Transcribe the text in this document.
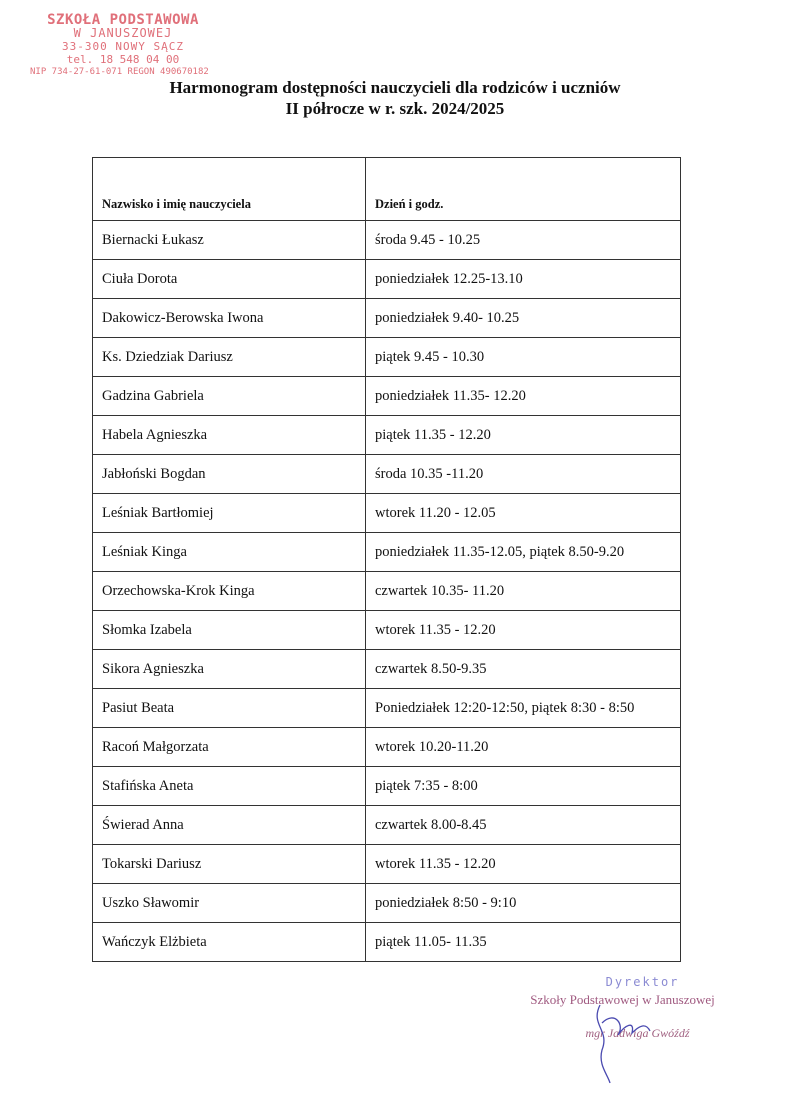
SZKOŁA PODSTAWOWA
W JANUSZOWEJ
33-300 NOWY SĄCZ
tel. 18 548 04 00
NIP 734-27-61-071 REGON 490670182
Harmonogram dostępności nauczycieli dla rodziców i uczniów
II półrocze w r. szk. 2024/2025
Nazwisko i imię nauczyciela	Dzień i godz.
Biernacki Łukasz	środa 9.45 - 10.25
Ciuła Dorota	poniedziałek 12.25-13.10
Dakowicz-Berowska Iwona	poniedziałek 9.40- 10.25
Ks. Dziedziak Dariusz	piątek 9.45 - 10.30
Gadzina Gabriela	poniedziałek 11.35- 12.20
Habela Agnieszka	piątek 11.35 - 12.20
Jabłoński Bogdan	środa 10.35 -11.20
Leśniak Bartłomiej	wtorek 11.20 - 12.05
Leśniak Kinga	poniedziałek 11.35-12.05, piątek 8.50-9.20
Orzechowska-Krok Kinga	czwartek 10.35- 11.20
Słomka Izabela	wtorek 11.35 - 12.20
Sikora Agnieszka	czwartek 8.50-9.35
Pasiut Beata	Poniedziałek 12:20-12:50, piątek 8:30 - 8:50
Racoń Małgorzata	wtorek 10.20-11.20
Stafińska Aneta	piątek 7:35 - 8:00
Świerad Anna	czwartek 8.00-8.45
Tokarski Dariusz	wtorek 11.35 - 12.20
Uszko Sławomir	poniedziałek 8:50 - 9:10
Wańczyk Elżbieta	piątek 11.05- 11.35
Dyrektor
Szkoły Podstawowej w Januszowej
mgr Jadwiga Gwóźdź
